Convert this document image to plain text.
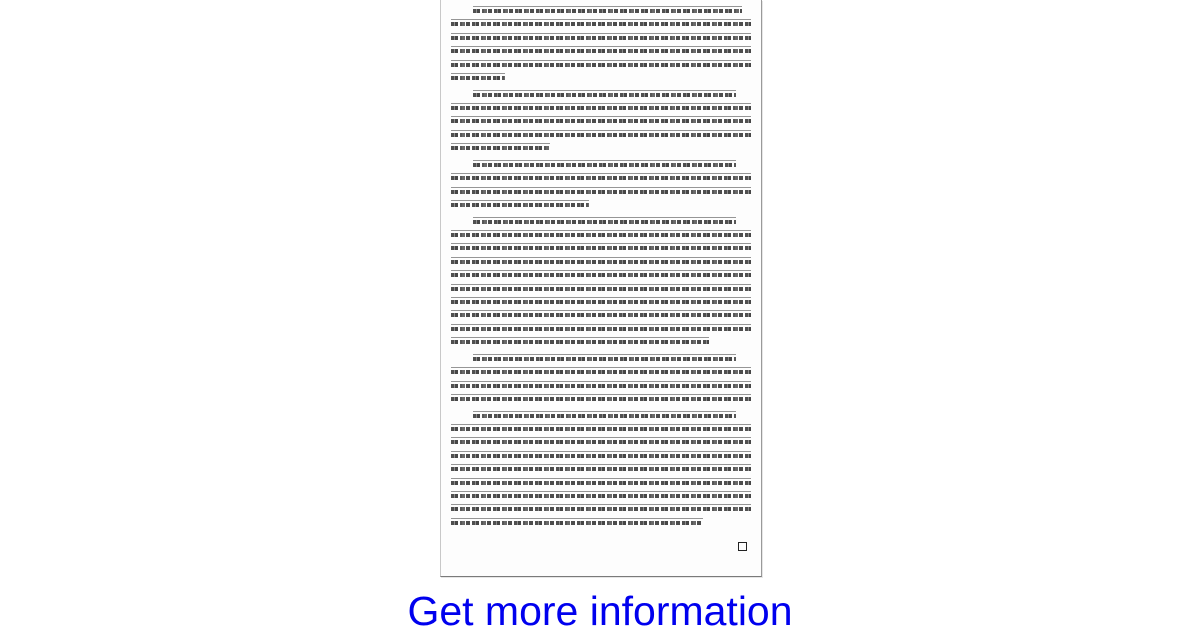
Get more information
